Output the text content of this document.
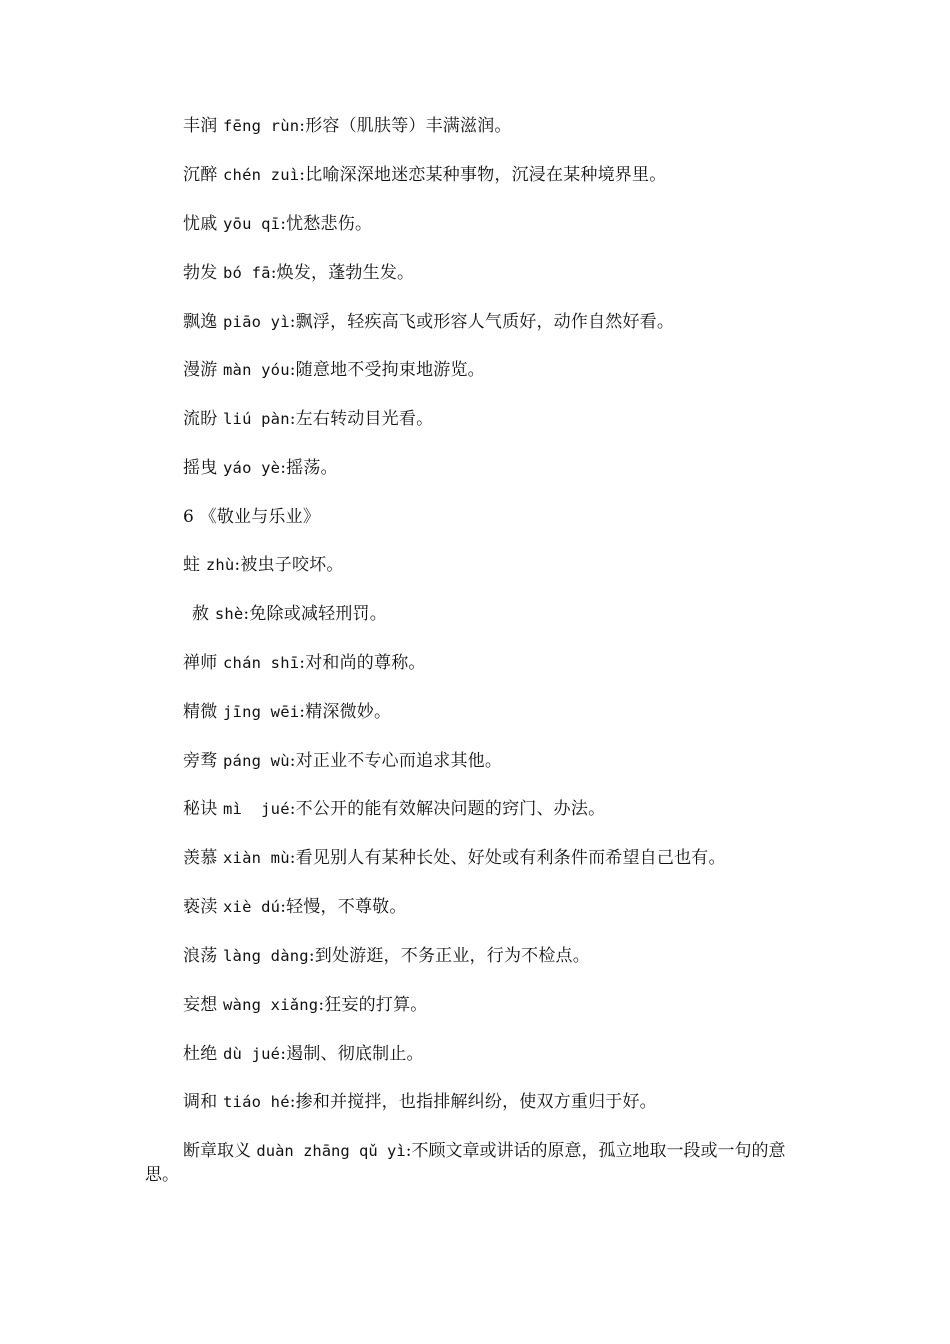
丰润 fēng rùn:形容（肌肤等）丰满滋润。
沉醉 chén zuì:比喻深深地迷恋某种事物，沉浸在某种境界里。
忧戚 yōu qī:忧愁悲伤。
勃发 bó fā:焕发，蓬勃生发。
飘逸 piāo yì:飘浮，轻疾高飞或形容人气质好，动作自然好看。
漫游 màn yóu:随意地不受拘束地游览。
流盼 liú pàn:左右转动目光看。
摇曳 yáo yè:摇荡。
6 《敬业与乐业》
蛀 zhù:被虫子咬坏。
赦 shè:免除或减轻刑罚。
禅师 chán shī:对和尚的尊称。
精微 jīng wēi:精深微妙。
旁骛 páng wù:对正业不专心而追求其他。
秘诀 mì  jué:不公开的能有效解决问题的窍门、办法。
羡慕 xiàn mù:看见别人有某种长处、好处或有利条件而希望自己也有。
亵渎 xiè dú:轻慢，不尊敬。
浪荡 làng dàng:到处游逛，不务正业，行为不检点。
妄想 wàng xiǎng:狂妄的打算。
杜绝 dù jué:遏制、彻底制止。
调和 tiáo hé:掺和并搅拌，也指排解纠纷，使双方重归于好。
断章取义 duàn zhāng qǔ yì:不顾文章或讲话的原意，孤立地取一段或一句的意思。
